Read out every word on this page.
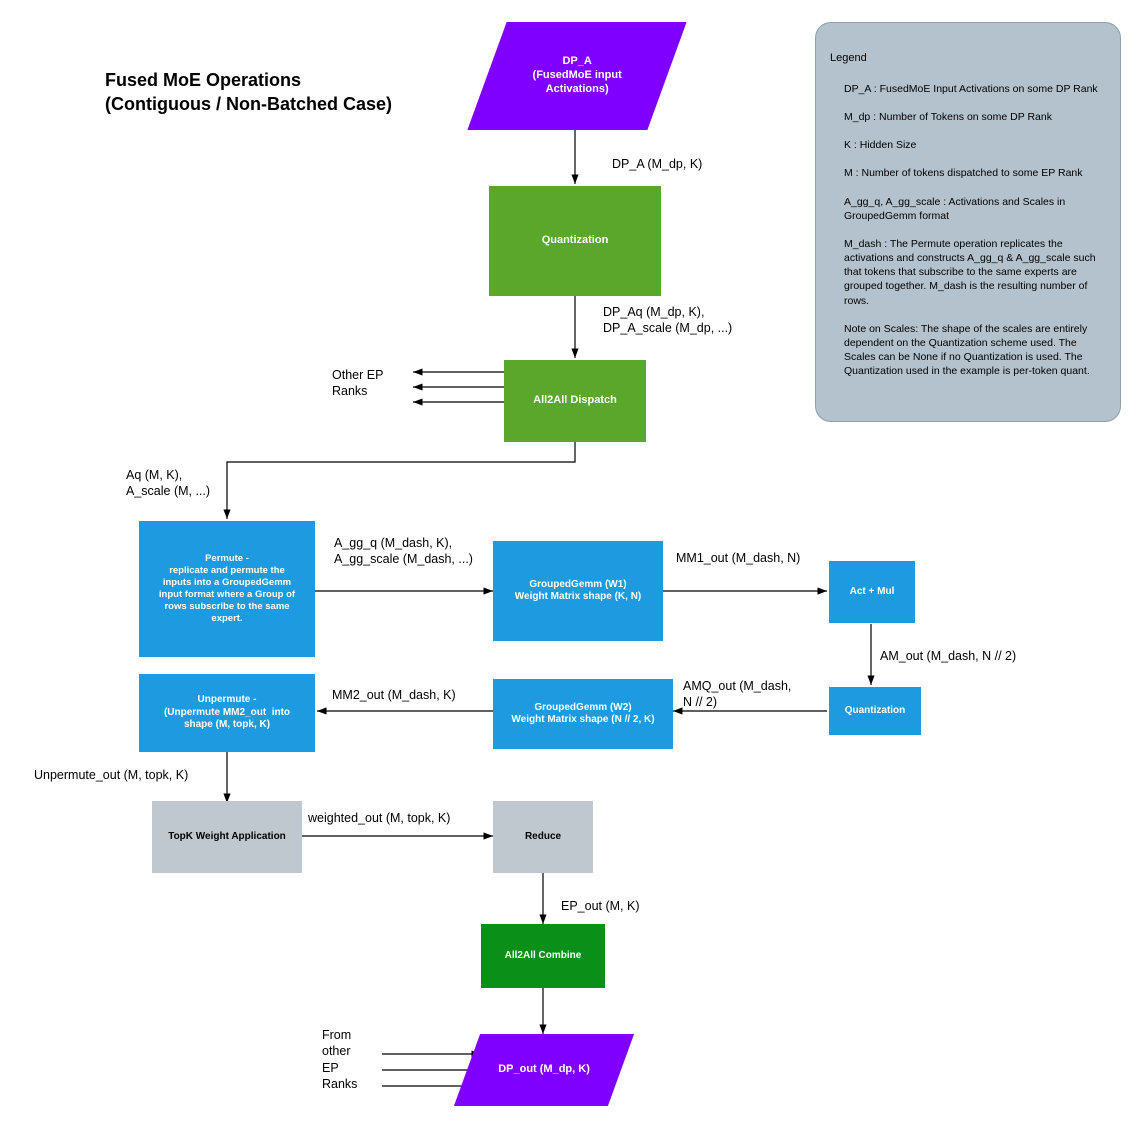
Fused MoE Operations
(Contiguous / Non-Batched Case)
Legend

DP_A : FusedMoE Input Activations on some DP Rank

M_dp : Number of Tokens on some DP Rank

K : Hidden Size

M : Number of tokens dispatched to some EP Rank

A_gg_q, A_gg_scale : Activations and Scales in GroupedGemm format

M_dash : The Permute operation replicates the activations and constructs A_gg_q & A_gg_scale such that tokens that subscribe to the same experts are grouped together. M_dash is the resulting number of rows.

Note on Scales: The shape of the scales are entirely dependent on the Quantization scheme used. The Scales can be None if no Quantization is used. The Quantization used in the example is per-token quant.

DP_A
(FusedMoE input
Activations)
Quantization
All2All Dispatch
Permute -
replicate and permute the
inputs into a GroupedGemm
input format where a Group of
rows subscribe to the same
expert.
GroupedGemm (W1)
Weight Matrix shape (K, N)	Act + Mul
Quantization
GroupedGemm (W2)
Weight Matrix shape (N // 2, K)
Unpermute -
(Unpermute MM2_out  into
shape (M, topk, K)
TopK Weight Application	Reduce
All2All Combine
DP_out (M_dp, K)
DP_A (M_dp, K)
DP_Aq (M_dp, K),
DP_A_scale (M_dp, ...)
Other EP
Ranks
Aq (M, K),
A_scale (M, ...)
A_gg_q (M_dash, K),
A_gg_scale (M_dash, ...)	MM1_out (M_dash, N)
AM_out (M_dash, N // 2)
AMQ_out (M_dash,
N // 2)
MM2_out (M_dash, K)
Unpermute_out (M, topk, K)
weighted_out (M, topk, K)
EP_out (M, K)
From
other
EP
Ranks
